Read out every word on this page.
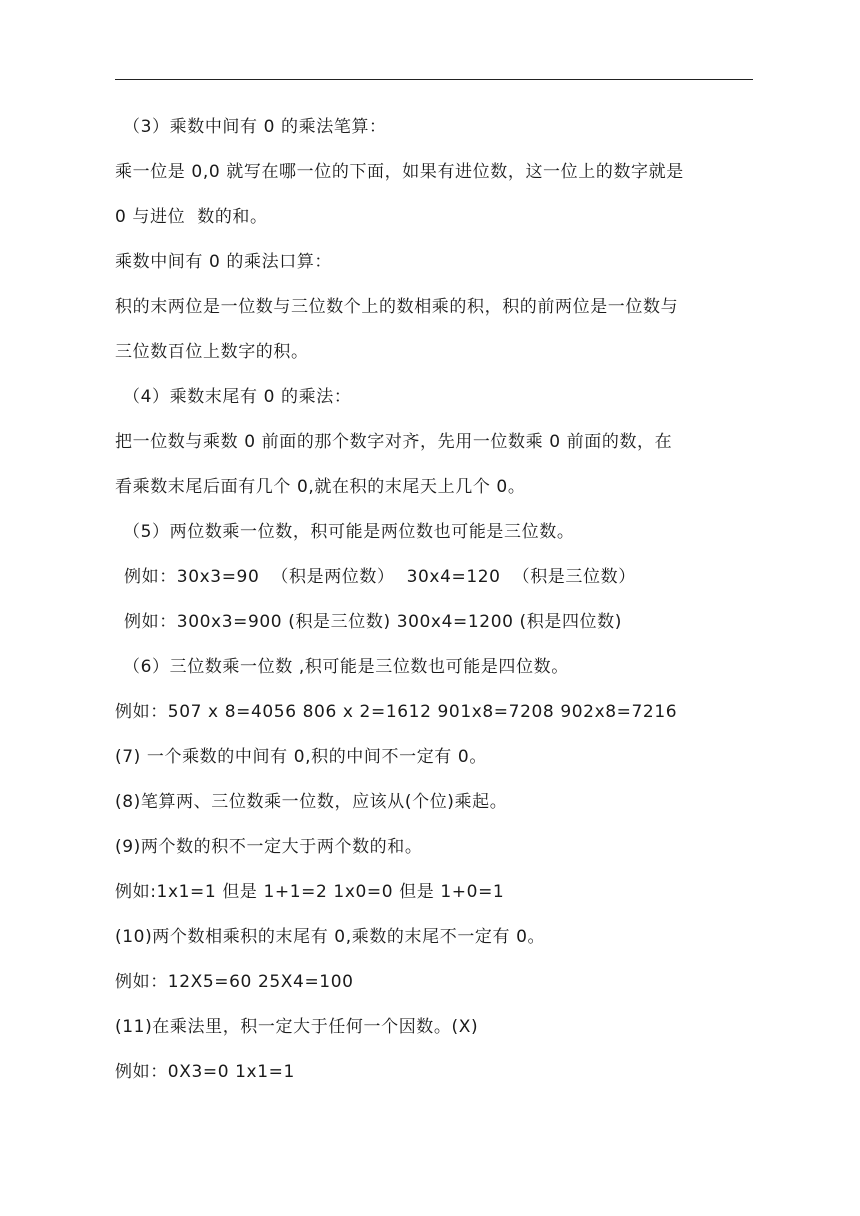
（3）乘数中间有 0 的乘法笔算：
乘一位是 0,0 就写在哪一位的下面，如果有进位数，这一位上的数字就是
0 与进位  数的和。
乘数中间有 0 的乘法口算：
积的末两位是一位数与三位数个上的数相乘的积，积的前两位是一位数与
三位数百位上数字的积。
（4）乘数末尾有 0 的乘法：
把一位数与乘数 0 前面的那个数字对齐，先用一位数乘 0 前面的数，在
看乘数末尾后面有几个 0,就在积的末尾天上几个 0。
（5）两位数乘一位数，积可能是两位数也可能是三位数。
例如：30x3=90  （积是两位数）  30x4=120  （积是三位数）
例如：300x3=900 (积是三位数) 300x4=1200 (积是四位数)
（6）三位数乘一位数 ,积可能是三位数也可能是四位数。
例如：507 x 8=4056 806 x 2=1612 901x8=7208 902x8=7216
(7) 一个乘数的中间有 0,积的中间不一定有 0。
(8)笔算两、三位数乘一位数，应该从(个位)乘起。
(9)两个数的积不一定大于两个数的和。
例如:1x1=1 但是 1+1=2 1x0=0 但是 1+0=1
(10)两个数相乘积的末尾有 0,乘数的末尾不一定有 0。
例如：12X5=60 25X4=100
(11)在乘法里，积一定大于任何一个因数。(X)
例如：0X3=0 1x1=1
